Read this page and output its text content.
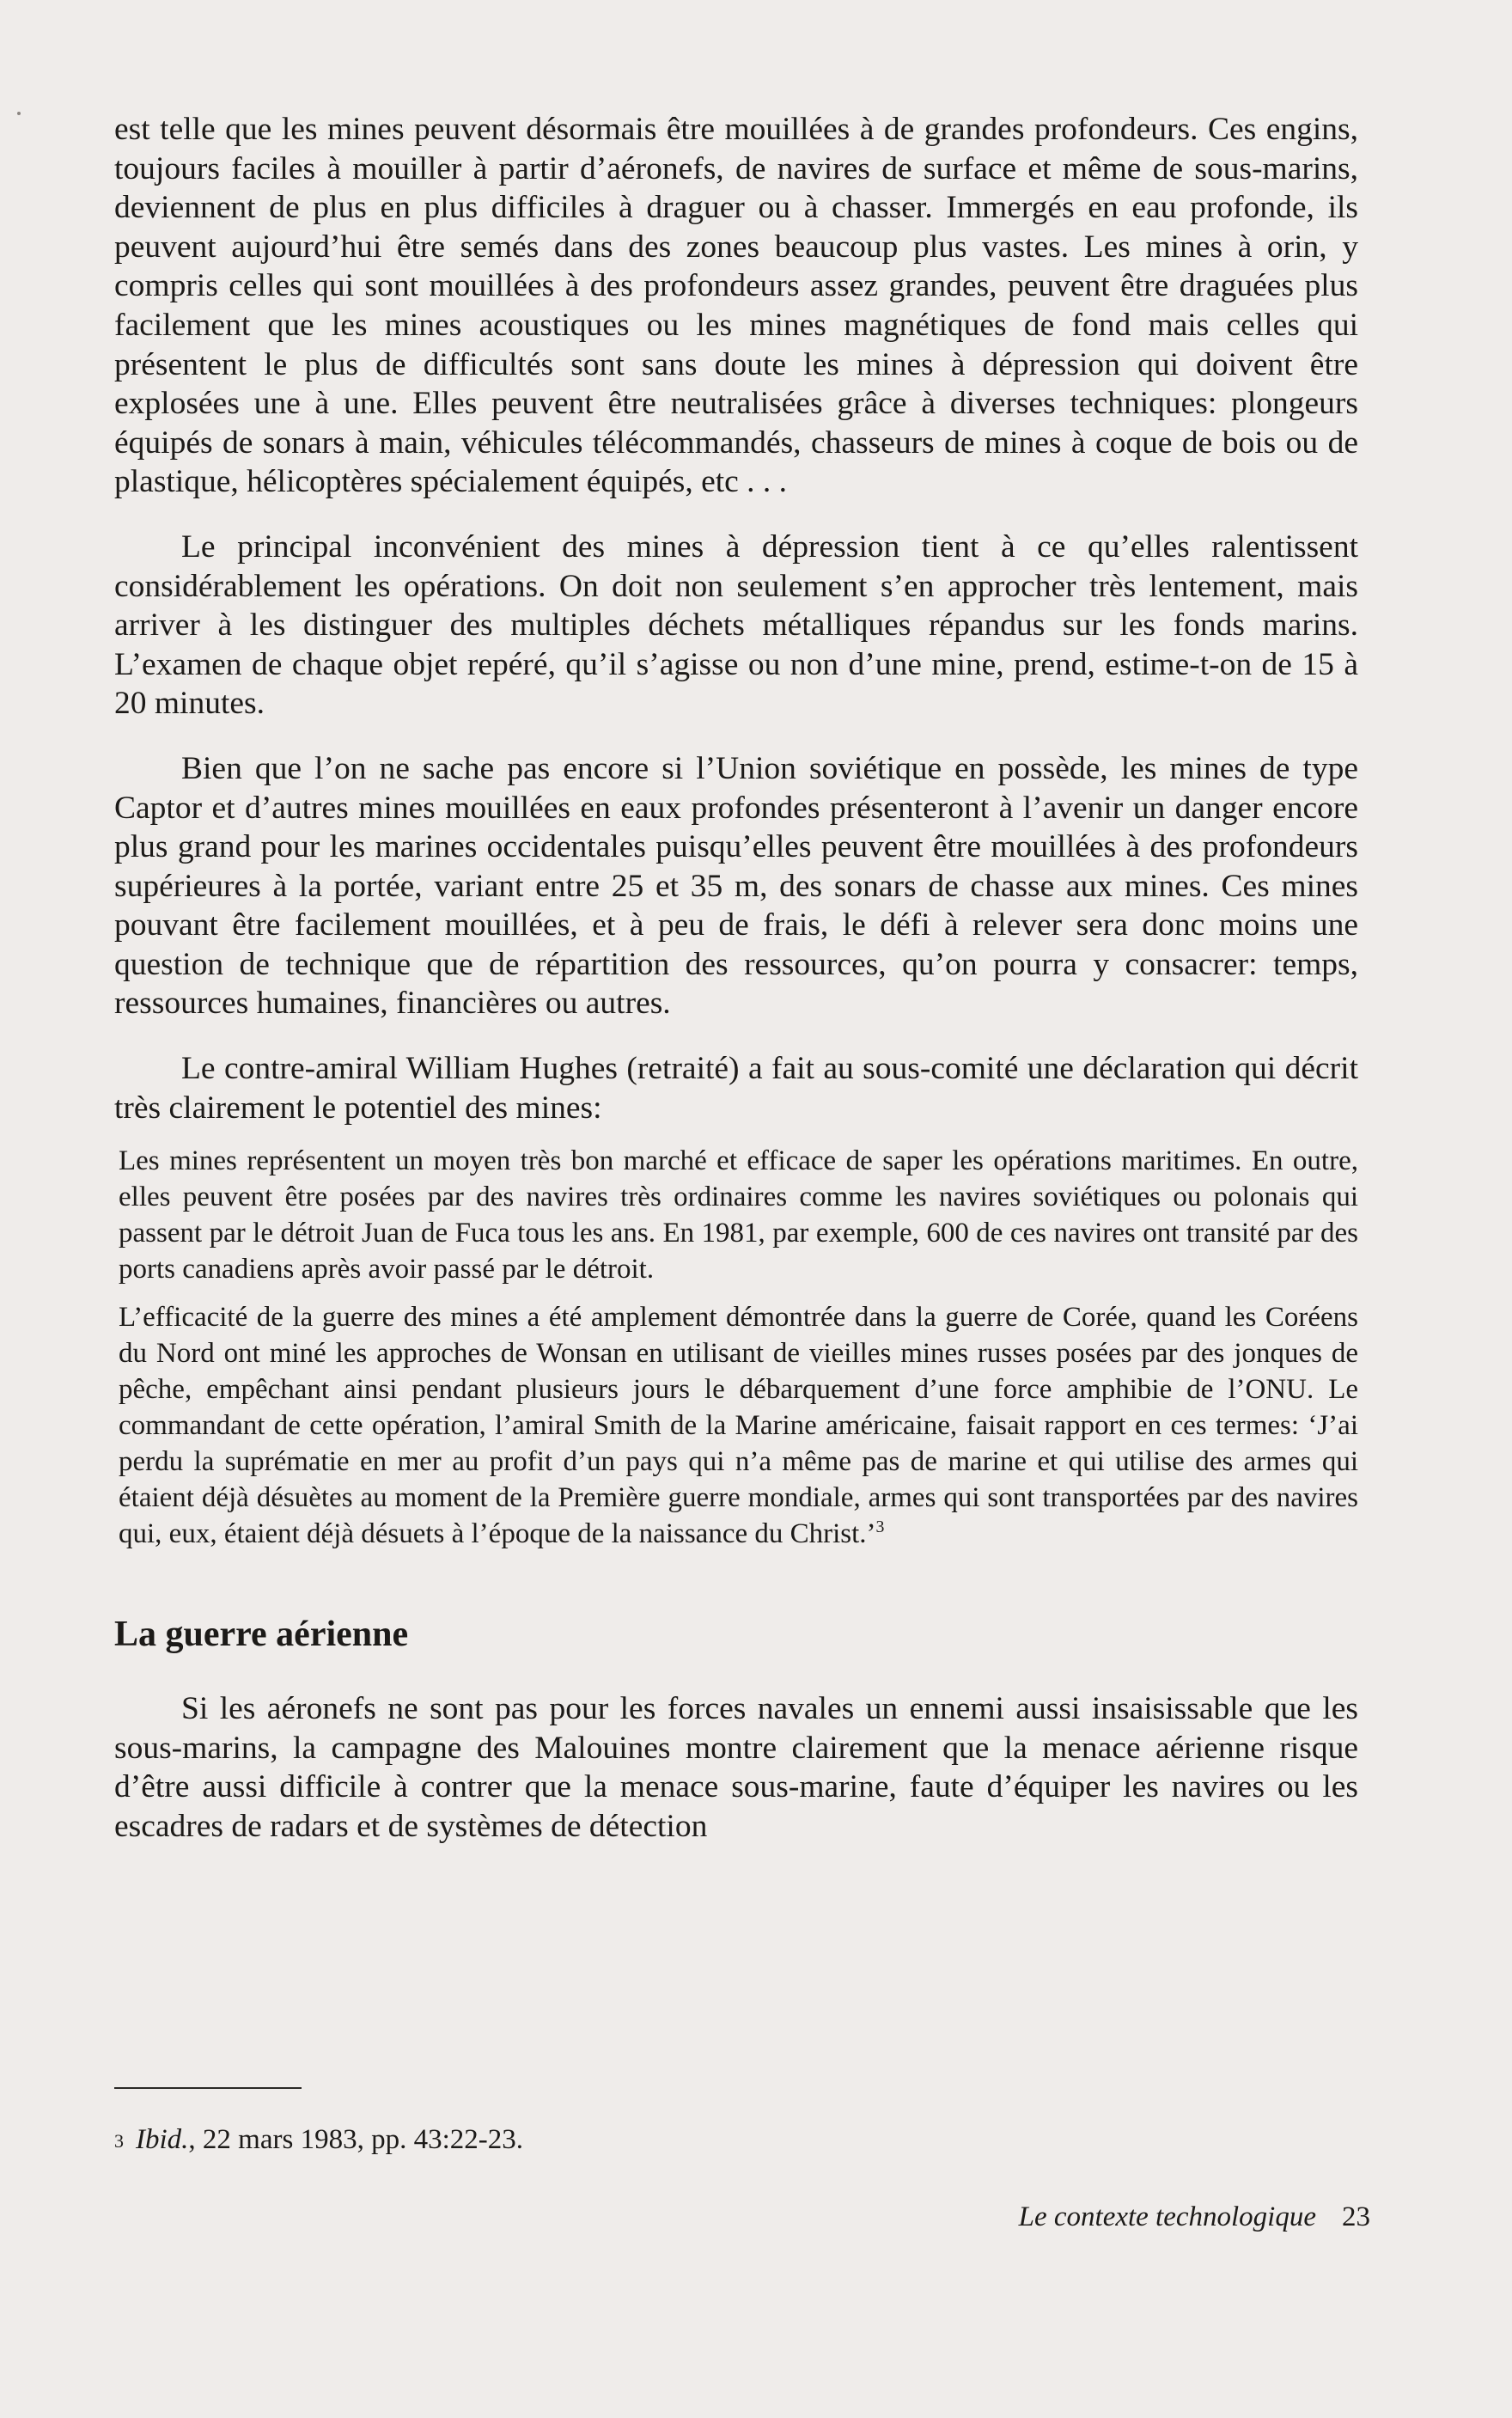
est telle que les mines peuvent désormais être mouillées à de grandes profondeurs. Ces engins, toujours faciles à mouiller à partir d’aéronefs, de navires de surface et même de sous-marins, deviennent de plus en plus difficiles à draguer ou à chasser. Immergés en eau profonde, ils peuvent aujourd’hui être semés dans des zones beaucoup plus vastes. Les mines à orin, y compris celles qui sont mouillées à des profondeurs assez grandes, peuvent être draguées plus facilement que les mines acoustiques ou les mines magnétiques de fond mais celles qui présentent le plus de difficultés sont sans doute les mines à dépression qui doivent être explosées une à une. Elles peuvent être neutralisées grâce à diverses techniques: plongeurs équipés de sonars à main, véhicules télécommandés, chasseurs de mines à coque de bois ou de plastique, hélicoptères spécialement équipés, etc . . .

Le principal inconvénient des mines à dépression tient à ce qu’elles ralentissent considérablement les opérations. On doit non seulement s’en approcher très lentement, mais arriver à les distinguer des multiples déchets métalliques répandus sur les fonds marins. L’examen de chaque objet repéré, qu’il s’agisse ou non d’une mine, prend, estime-t-on de 15 à 20 minutes.

Bien que l’on ne sache pas encore si l’Union soviétique en possède, les mines de type Captor et d’autres mines mouillées en eaux profondes présenteront à l’avenir un danger encore plus grand pour les marines occidentales puisqu’elles peuvent être mouillées à des profondeurs supérieures à la portée, variant entre 25 et 35 m, des sonars de chasse aux mines. Ces mines pouvant être facilement mouillées, et à peu de frais, le défi à relever sera donc moins une question de technique que de répartition des ressources, qu’on pourra y consacrer: temps, ressources humaines, financières ou autres.

Le contre-amiral William Hughes (retraité) a fait au sous-comité une déclaration qui décrit très clairement le potentiel des mines:

Les mines représentent un moyen très bon marché et efficace de saper les opérations maritimes. En outre, elles peuvent être posées par des navires très ordinaires comme les navires soviétiques ou polonais qui passent par le détroit Juan de Fuca tous les ans. En 1981, par exemple, 600 de ces navires ont transité par des ports canadiens après avoir passé par le détroit.

L’efficacité de la guerre des mines a été amplement démontrée dans la guerre de Corée, quand les Coréens du Nord ont miné les approches de Wonsan en utilisant de vieilles mines russes posées par des jonques de pêche, empêchant ainsi pendant plusieurs jours le débarquement d’une force amphibie de l’ONU. Le commandant de cette opération, l’amiral Smith de la Marine américaine, faisait rapport en ces termes: ‘J’ai perdu la suprématie en mer au profit d’un pays qui n’a même pas de marine et qui utilise des armes qui étaient déjà désuètes au moment de la Première guerre mondiale, armes qui sont transportées par des navires qui, eux, étaient déjà désuets à l’époque de la naissance du Christ.’$^3$

La guerre aérienne

Si les aéronefs ne sont pas pour les forces navales un ennemi aussi insaisissable que les sous-marins, la campagne des Malouines montre clairement que la menace aérienne risque d’être aussi difficile à contrer que la menace sous-marine, faute d’équiper les navires ou les escadres de radars et de systèmes de détection

3 Ibid., 22 mars 1983, pp. 43:22-23.
Le contexte technologique 23
